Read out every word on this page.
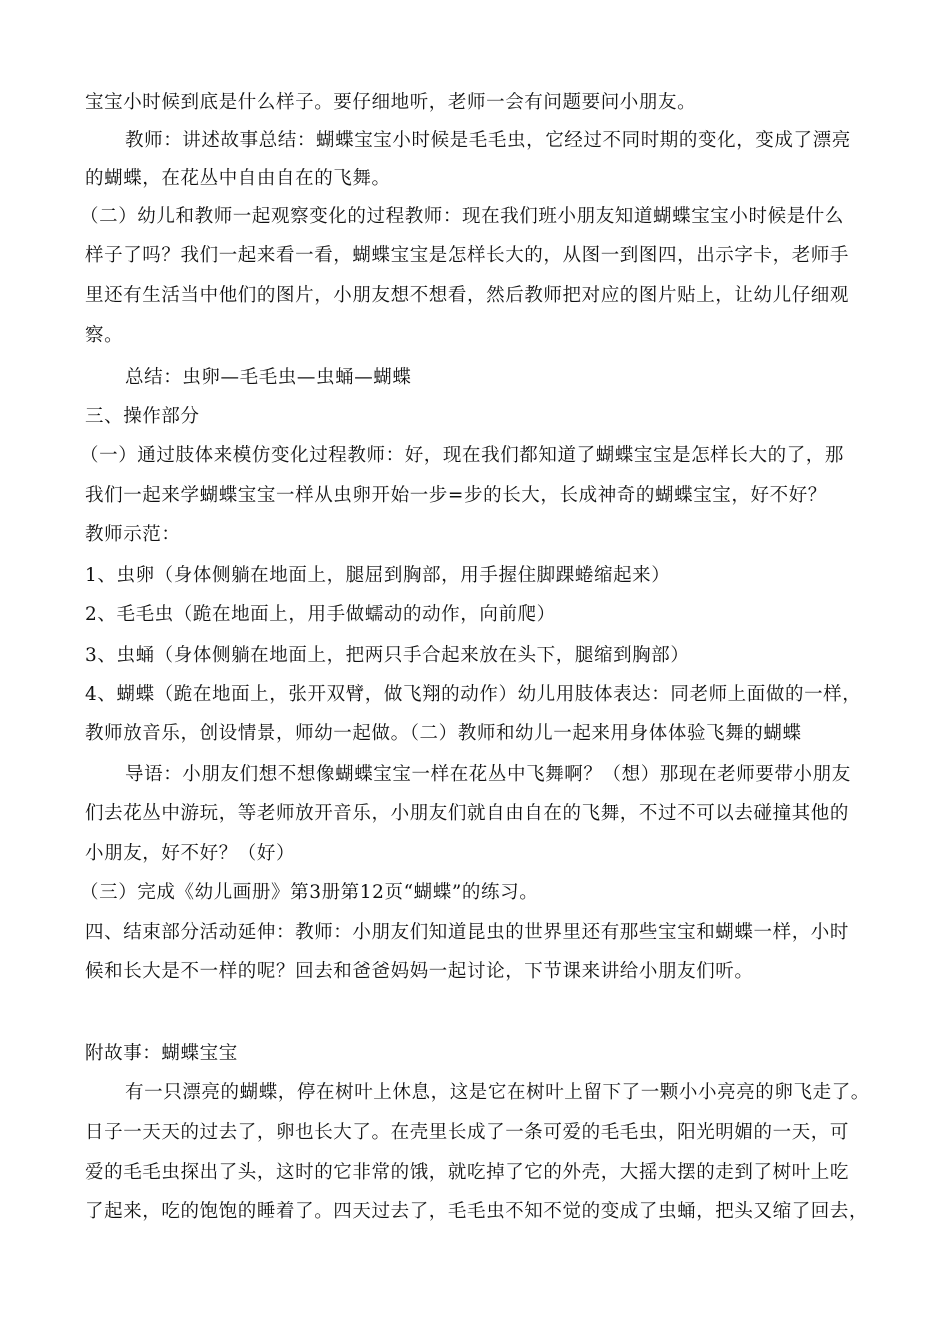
宝宝小时候到底是什么样子。要仔细地听，老师一会有问题要问小朋友。
教师：讲述故事总结：蝴蝶宝宝小时候是毛毛虫，它经过不同时期的变化，变成了漂亮
的蝴蝶，在花丛中自由自在的飞舞。
（二）幼儿和教师一起观察变化的过程教师：现在我们班小朋友知道蝴蝶宝宝小时候是什么
样子了吗？我们一起来看一看，蝴蝶宝宝是怎样长大的，从图一到图四，出示字卡，老师手
里还有生活当中他们的图片，小朋友想不想看，然后教师把对应的图片贴上，让幼儿仔细观
察。
总结：虫卵—毛毛虫—虫蛹—蝴蝶
三、操作部分
（一）通过肢体来模仿变化过程教师：好，现在我们都知道了蝴蝶宝宝是怎样长大的了，那
我们一起来学蝴蝶宝宝一样从虫卵开始一步=步的长大，长成神奇的蝴蝶宝宝，好不好？
教师示范：
1、虫卵（身体侧躺在地面上，腿屈到胸部，用手握住脚踝蜷缩起来）
2、毛毛虫（跪在地面上，用手做蠕动的动作，向前爬）
3、虫蛹（身体侧躺在地面上，把两只手合起来放在头下，腿缩到胸部）
4、蝴蝶（跪在地面上，张开双臂，做飞翔的动作）幼儿用肢体表达：同老师上面做的一样，
教师放音乐，创设情景，师幼一起做。（二）教师和幼儿一起来用身体体验飞舞的蝴蝶
导语：小朋友们想不想像蝴蝶宝宝一样在花丛中飞舞啊？（想）那现在老师要带小朋友
们去花丛中游玩，等老师放开音乐，小朋友们就自由自在的飞舞，不过不可以去碰撞其他的
小朋友，好不好？（好）
（三）完成《幼儿画册》第3册第12页“蝴蝶”的练习。
四、结束部分活动延伸：教师：小朋友们知道昆虫的世界里还有那些宝宝和蝴蝶一样，小时
候和长大是不一样的呢？回去和爸爸妈妈一起讨论，下节课来讲给小朋友们听。
附故事：蝴蝶宝宝
有一只漂亮的蝴蝶，停在树叶上休息，这是它在树叶上留下了一颗小小亮亮的卵飞走了。
日子一天天的过去了，卵也长大了。在壳里长成了一条可爱的毛毛虫，阳光明媚的一天，可
爱的毛毛虫探出了头，这时的它非常的饿，就吃掉了它的外壳，大摇大摆的走到了树叶上吃
了起来，吃的饱饱的睡着了。四天过去了，毛毛虫不知不觉的变成了虫蛹，把头又缩了回去，
